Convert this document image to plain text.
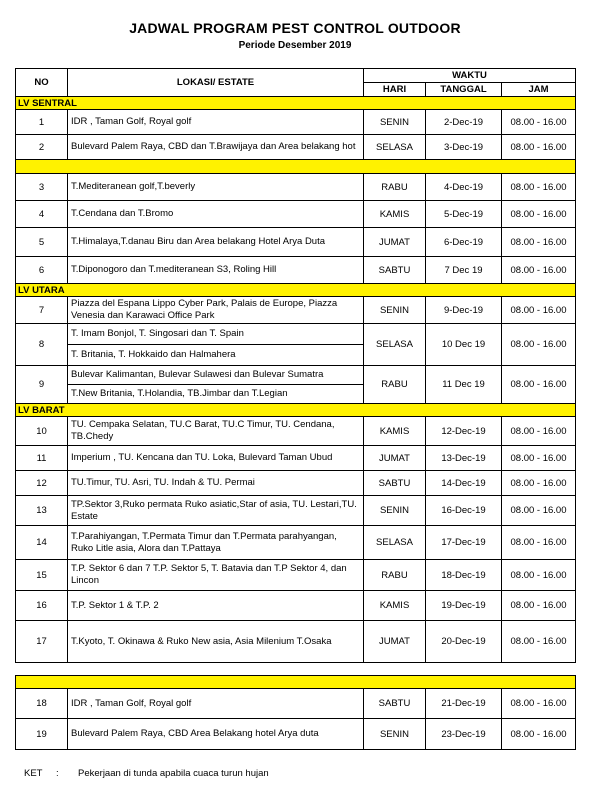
JADWAL PROGRAM PEST CONTROL OUTDOOR
Periode Desember 2019
NO	LOKASI/ ESTATE	WAKTU		
		HARI	TANGGAL	JAM
LV SENTRAL				
1	IDR , Taman Golf, Royal golf	SENIN	2-Dec-19	08.00 - 16.00
2	Bulevard Palem Raya, CBD dan T.Brawijaya dan Area belakang hot	SELASA	3-Dec-19	08.00 - 16.00

3	T.Mediteranean golf,T.beverly	RABU	4-Dec-19	08.00 - 16.00
4	T.Cendana dan T.Bromo	KAMIS	5-Dec-19	08.00 - 16.00
5	T.Himalaya,T.danau Biru dan Area belakang Hotel Arya Duta	JUMAT	6-Dec-19	08.00 - 16.00
6	T.Diponogoro dan T.mediteranean S3, Roling Hill	SABTU	7 Dec 19	08.00 - 16.00
LV UTARA				
7	Piazza del Espana Lippo Cyber Park, Palais de Europe, Piazza Venesia dan Karawaci Office Park	SENIN	9-Dec-19	08.00 - 16.00
8	T. Imam Bonjol, T. Singosari dan T. Spain	SELASA	10 Dec 19	08.00 - 16.00
	T. Britania, T. Hokkaido dan Halmahera			
9	Bulevar Kalimantan, Bulevar Sulawesi dan Bulevar Sumatra	RABU	11 Dec 19	08.00 - 16.00
	T.New Britania, T.Holandia, TB.Jimbar dan T.Legian			
LV BARAT				
10	TU. Cempaka Selatan, TU.C Barat, TU.C Timur, TU. Cendana, TB.Chedy	KAMIS	12-Dec-19	08.00 - 16.00
11	Imperium , TU. Kencana dan TU. Loka, Bulevard Taman Ubud	JUMAT	13-Dec-19	08.00 - 16.00
12	TU.Timur, TU. Asri, TU. Indah & TU. Permai	SABTU	14-Dec-19	08.00 - 16.00
13	TP.Sektor 3,Ruko permata Ruko asiatic,Star of asia, TU. Lestari,TU. Estate	SENIN	16-Dec-19	08.00 - 16.00
14	T.Parahiyangan, T.Permata Timur dan T.Permata parahyangan, Ruko Litle asia, Alora dan T.Pattaya	SELASA	17-Dec-19	08.00 - 16.00
15	T.P. Sektor 6 dan 7 T.P. Sektor 5, T. Batavia dan T.P Sektor 4, dan Lincon	RABU	18-Dec-19	08.00 - 16.00
16	T.P. Sektor 1 & T.P. 2	KAMIS	19-Dec-19	08.00 - 16.00
17	T.Kyoto, T. Okinawa & Ruko New asia, Asia Milenium T.Osaka	JUMAT	20-Dec-19	08.00 - 16.00

18	IDR , Taman Golf, Royal golf	SABTU	21-Dec-19	08.00 - 16.00
19	Bulevard Palem Raya, CBD Area Belakang hotel Arya duta	SENIN	23-Dec-19	08.00 - 16.00
KET : Pekerjaan di tunda apabila cuaca turun hujan
